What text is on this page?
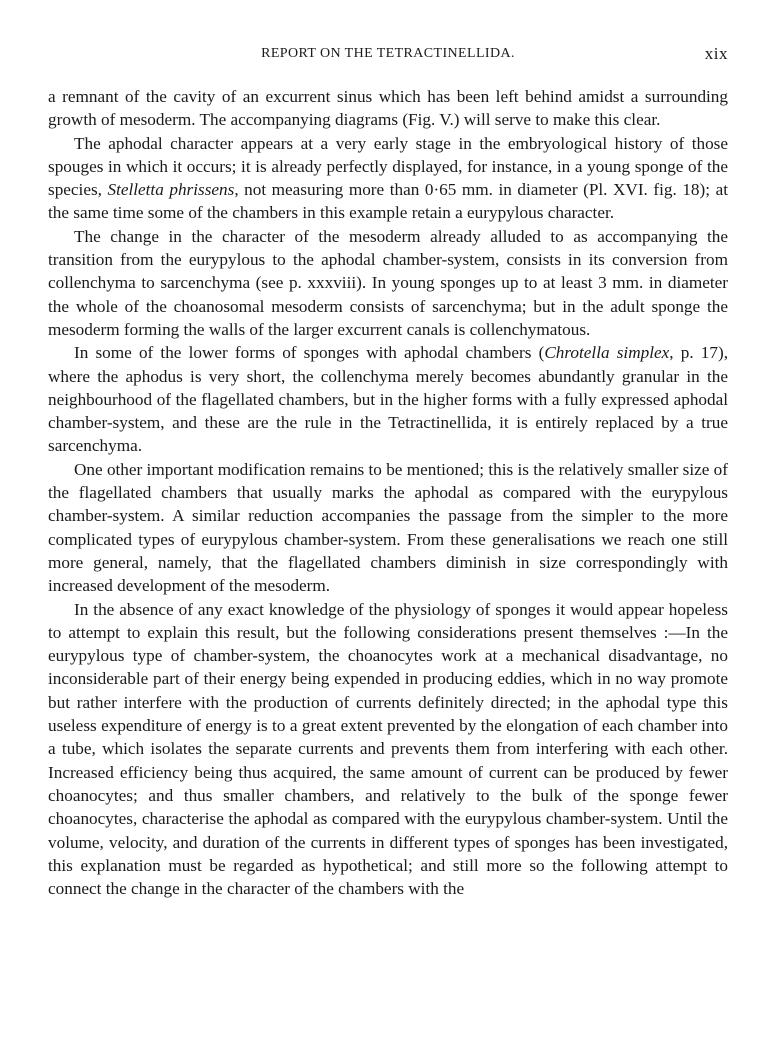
REPORT ON THE TETRACTINELLIDA.	xix

a remnant of the cavity of an excurrent sinus which has been left behind amidst a surrounding growth of mesoderm. The accompanying diagrams (Fig. V.) will serve to make this clear.

The aphodal character appears at a very early stage in the embryological history of those spouges in which it occurs; it is already perfectly displayed, for instance, in a young sponge of the species, Stelletta phrissens, not measuring more than 0·65 mm. in diameter (Pl. XVI. fig. 18); at the same time some of the chambers in this example retain a eurypylous character.

The change in the character of the mesoderm already alluded to as accompanying the transition from the eurypylous to the aphodal chamber-system, consists in its conversion from collenchyma to sarcenchyma (see p. xxxviii). In young sponges up to at least 3 mm. in diameter the whole of the choanosomal mesoderm consists of sarcenchyma; but in the adult sponge the mesoderm forming the walls of the larger excurrent canals is collenchymatous.

In some of the lower forms of sponges with aphodal chambers (Chrotella simplex, p. 17), where the aphodus is very short, the collenchyma merely becomes abundantly granular in the neighbourhood of the flagellated chambers, but in the higher forms with a fully expressed aphodal chamber-system, and these are the rule in the Tetractinellida, it is entirely replaced by a true sarcenchyma.

One other important modification remains to be mentioned; this is the relatively smaller size of the flagellated chambers that usually marks the aphodal as compared with the eurypylous chamber-system. A similar reduction accompanies the passage from the simpler to the more complicated types of eurypylous chamber-system. From these generalisations we reach one still more general, namely, that the flagellated chambers diminish in size correspondingly with increased development of the mesoderm.

In the absence of any exact knowledge of the physiology of sponges it would appear hopeless to attempt to explain this result, but the following considerations present themselves :—In the eurypylous type of chamber-system, the choanocytes work at a mechanical disadvantage, no inconsiderable part of their energy being expended in producing eddies, which in no way promote but rather interfere with the production of currents definitely directed; in the aphodal type this useless expenditure of energy is to a great extent prevented by the elongation of each chamber into a tube, which isolates the separate currents and prevents them from interfering with each other. Increased efficiency being thus acquired, the same amount of current can be produced by fewer choanocytes; and thus smaller chambers, and relatively to the bulk of the sponge fewer choanocytes, characterise the aphodal as compared with the eurypylous chamber-system. Until the volume, velocity, and duration of the currents in different types of sponges has been investigated, this explanation must be regarded as hypothetical; and still more so the following attempt to connect the change in the character of the chambers with the
